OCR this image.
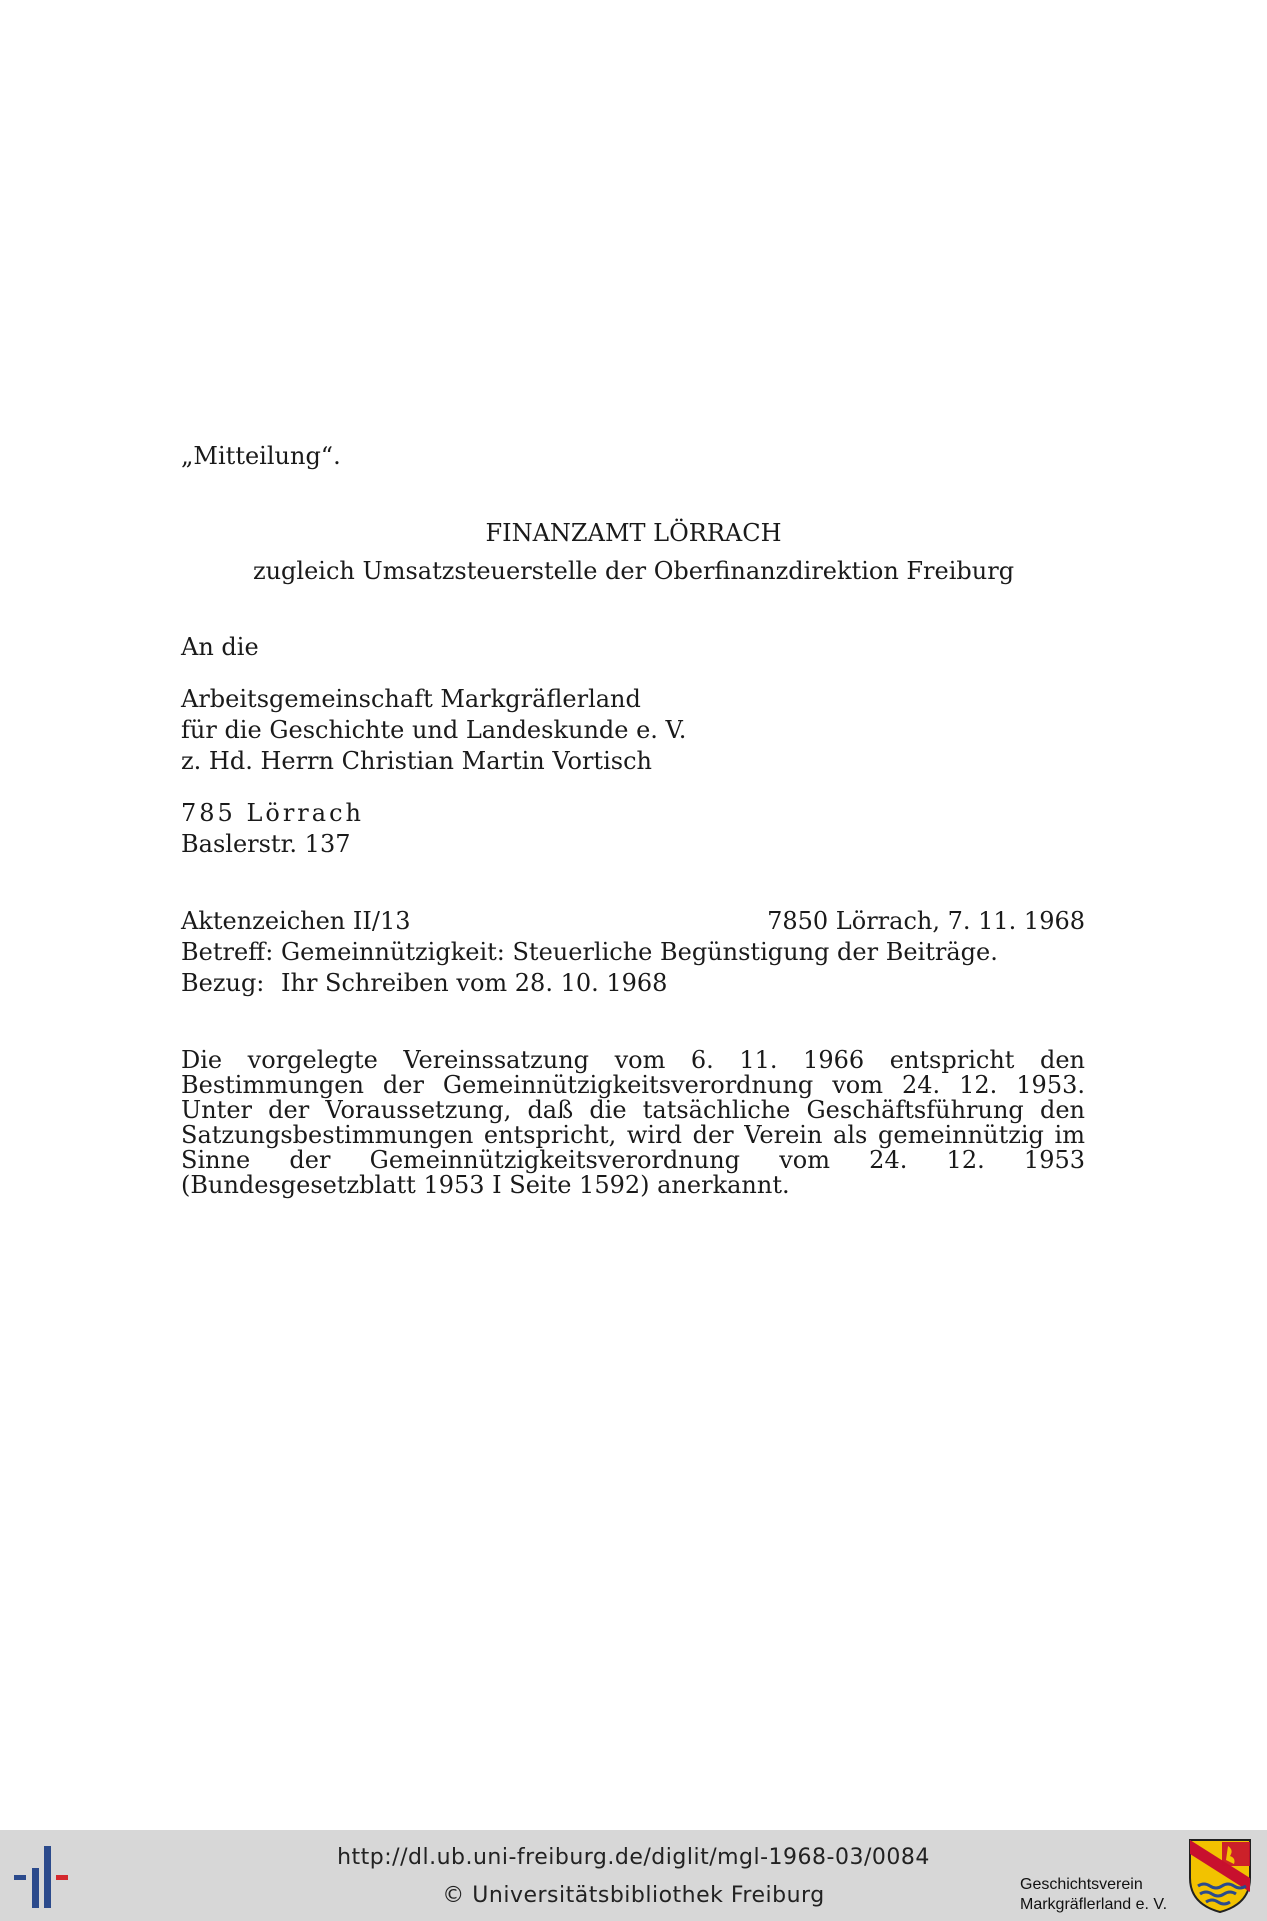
„Mitteilung“.
FINANZAMT LÖRRACH
zugleich Umsatzsteuerstelle der Oberfinanzdirektion Freiburg
An die
Arbeitsgemeinschaft Markgräflerland
für die Geschichte und Landeskunde e. V.
z. Hd. Herrn Christian Martin Vortisch
785 Lörrach
Baslerstr. 137
Aktenzeichen II/13	7850 Lörrach, 7. 11. 1968
Betreff: Gemeinnützigkeit: Steuerliche Begünstigung der Beiträge.
Bezug: Ihr Schreiben vom 28. 10. 1968

Die vorgelegte Vereinssatzung vom 6. 11. 1966 entspricht den Bestimmungen der Gemeinnützigkeitsverordnung vom 24. 12. 1953. Unter der Voraussetzung, daß die tatsächliche Geschäftsführung den Satzungsbestimmungen entspricht, wird der Verein als gemeinnützig im Sinne der Gemeinnützigkeitsverordnung vom 24. 12. 1953 (Bundesgesetzblatt 1953 I Seite 1592) anerkannt.

http://dl.ub.uni-freiburg.de/diglit/mgl-1968-03/0084
© Universitätsbibliothek Freiburg	Geschichtsverein
Markgräflerland e. V.
